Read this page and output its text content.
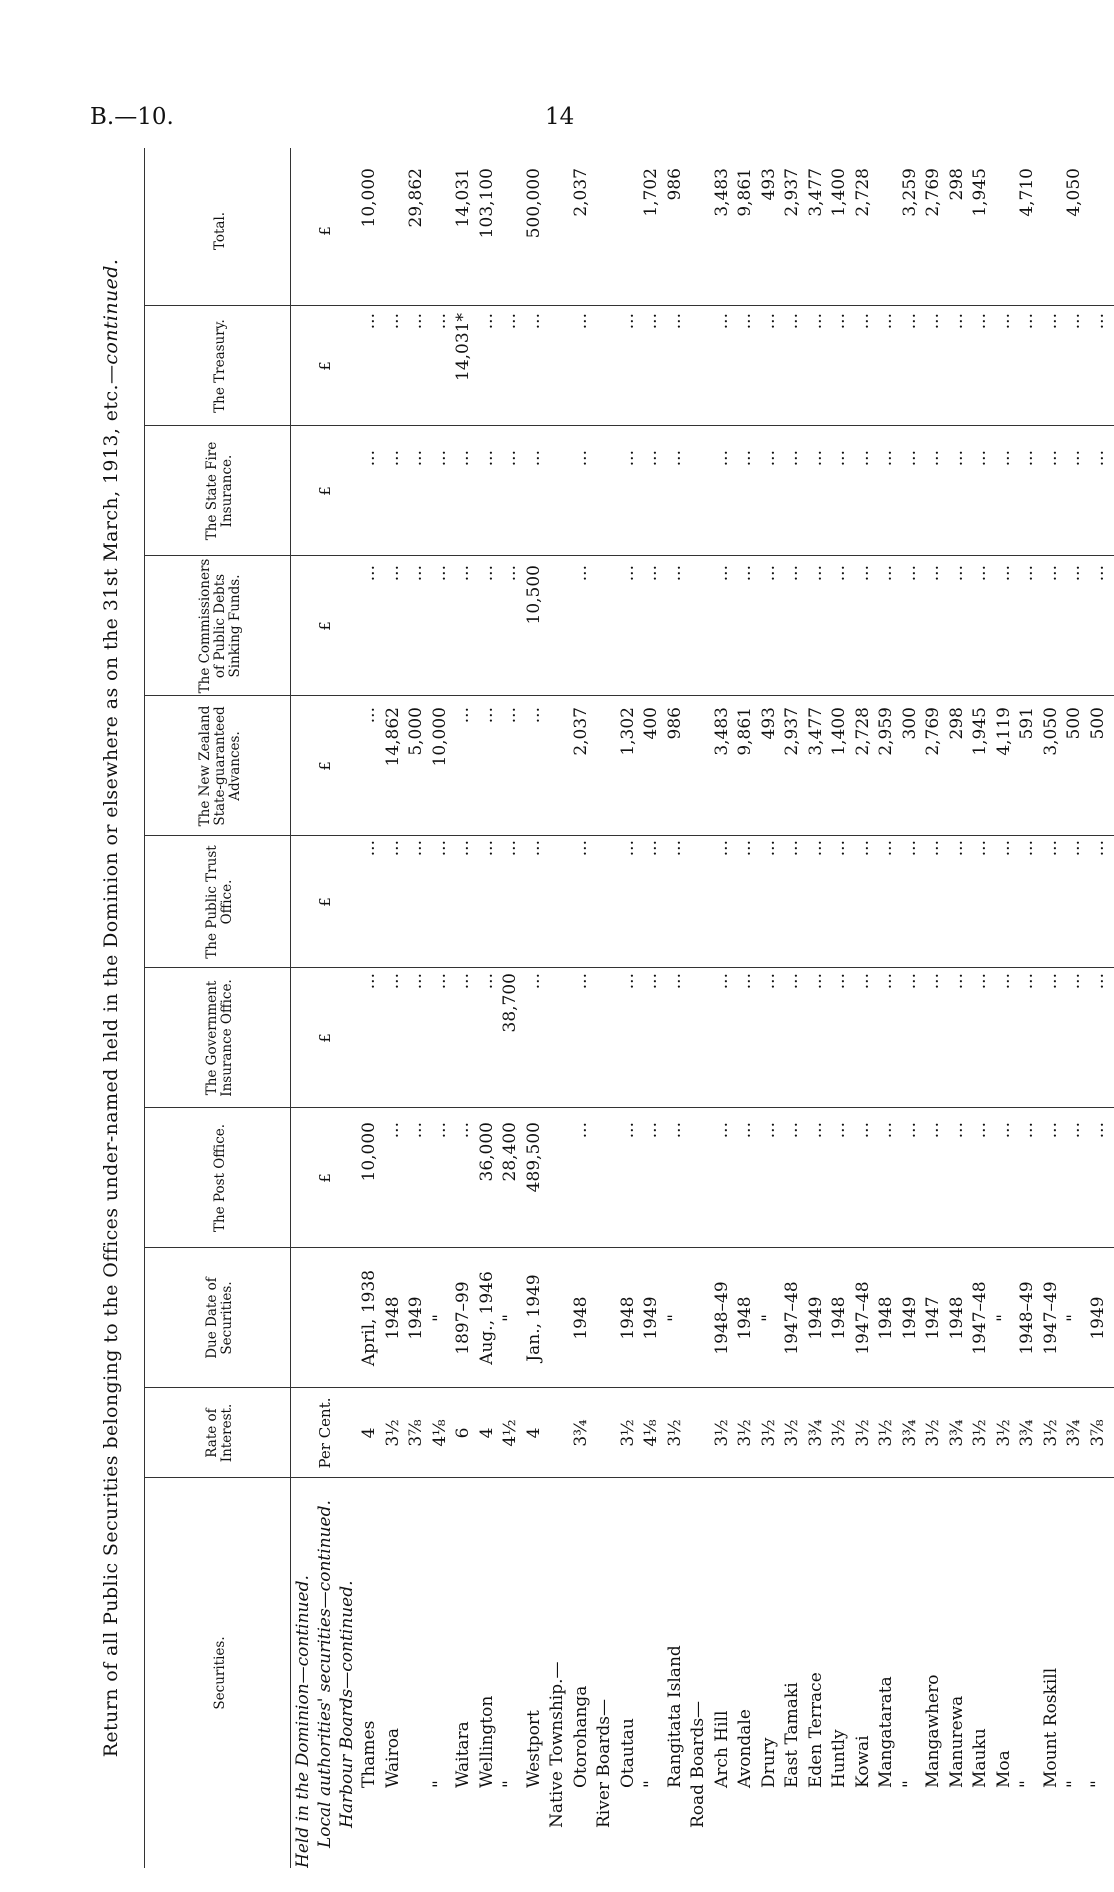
B.—10.	14
Return of all Public Securities belonging to the Offices under-named held in the Dominion or elsewhere as on the 31st March, 1913, etc.—continued.
Securities.
Rate of Interest.
Due Date of Securities.
The Post Office.
The Government Insurance Office.
The Public Trust Office.
The New Zealand State-guaranteed Advances.
The Commissioners of Public Debts Sinking Funds.
The State Fire Insurance.
The Treasury.
Total.
Per Cent.
£
£
£
£
£
£
£
£
Held in the Dominion—continued. Local authorities' securities—continued. Harbour Boards—continued. Thames
4
April, 1938
10,000
...
...
...
...
...
...
10,000
Wairoa
3½
1948
...
...
...
14,862
...
...
...
3⅞
1949
...
...
...
5,000
...
...
...
29,862
"
4⅛
"
...
...
...
10,000
...
...
...
Waitara
6
1897–99
...
...
...
...
...
...
14,031*
14,031
Wellington
4
Aug., 1946
36,000
...
...
...
...
...
...
103,100
"
4½
"
28,400
38,700
...
...
...
...
...
Westport
4
Jan., 1949
489,500
...
...
...
10,500
...
...
500,000
Native Township.— Otorohanga
3¾
1948
...
...
...
2,037
...
...
...
2,037
River Boards— Otautau
3½
1948
...
...
...
1,302
...
...
...
"
4⅛
1949
...
...
...
400
...
...
...
1,702
Rangitata Island
3½
"
...
...
...
986
...
...
...
986
Road Boards— Arch Hill
3½
1948–49
...
...
...
3,483
...
...
...
3,483
Avondale
3½
1948
...
...
...
9,861
...
...
...
9,861
Drury
3½
"
...
...
...
493
...
...
...
493
East Tamaki
3½
1947–48
...
...
...
2,937
...
...
...
2,937
Eden Terrace
3¾
1949
...
...
...
3,477
...
...
...
3,477
Huntly
3½
1948
...
...
...
1,400
...
...
...
1,400
Kowai
3½
1947–48
...
...
...
2,728
...
...
...
2,728
Mangatarata
3½
1948
...
...
...
2,959
...
...
...
"
3¾
1949
...
...
...
300
...
...
...
3,259
Mangawhero
3½
1947
...
...
...
2,769
...
...
...
2,769
Manurewa
3¾
1948
...
...
...
298
...
...
...
298
Mauku
3½
1947–48
...
...
...
1,945
...
...
...
1,945
Moa
3½
"
...
...
...
4,119
...
...
...
"
3¾
1948–49
...
...
...
591
...
...
...
4,710
Mount Roskill
3½
1947–49
...
...
...
3,050
...
...
...
"
3¾
"
...
...
...
500
...
...
...
4,050
"
3⅞
1949
...
...
...
500
...
...
...
